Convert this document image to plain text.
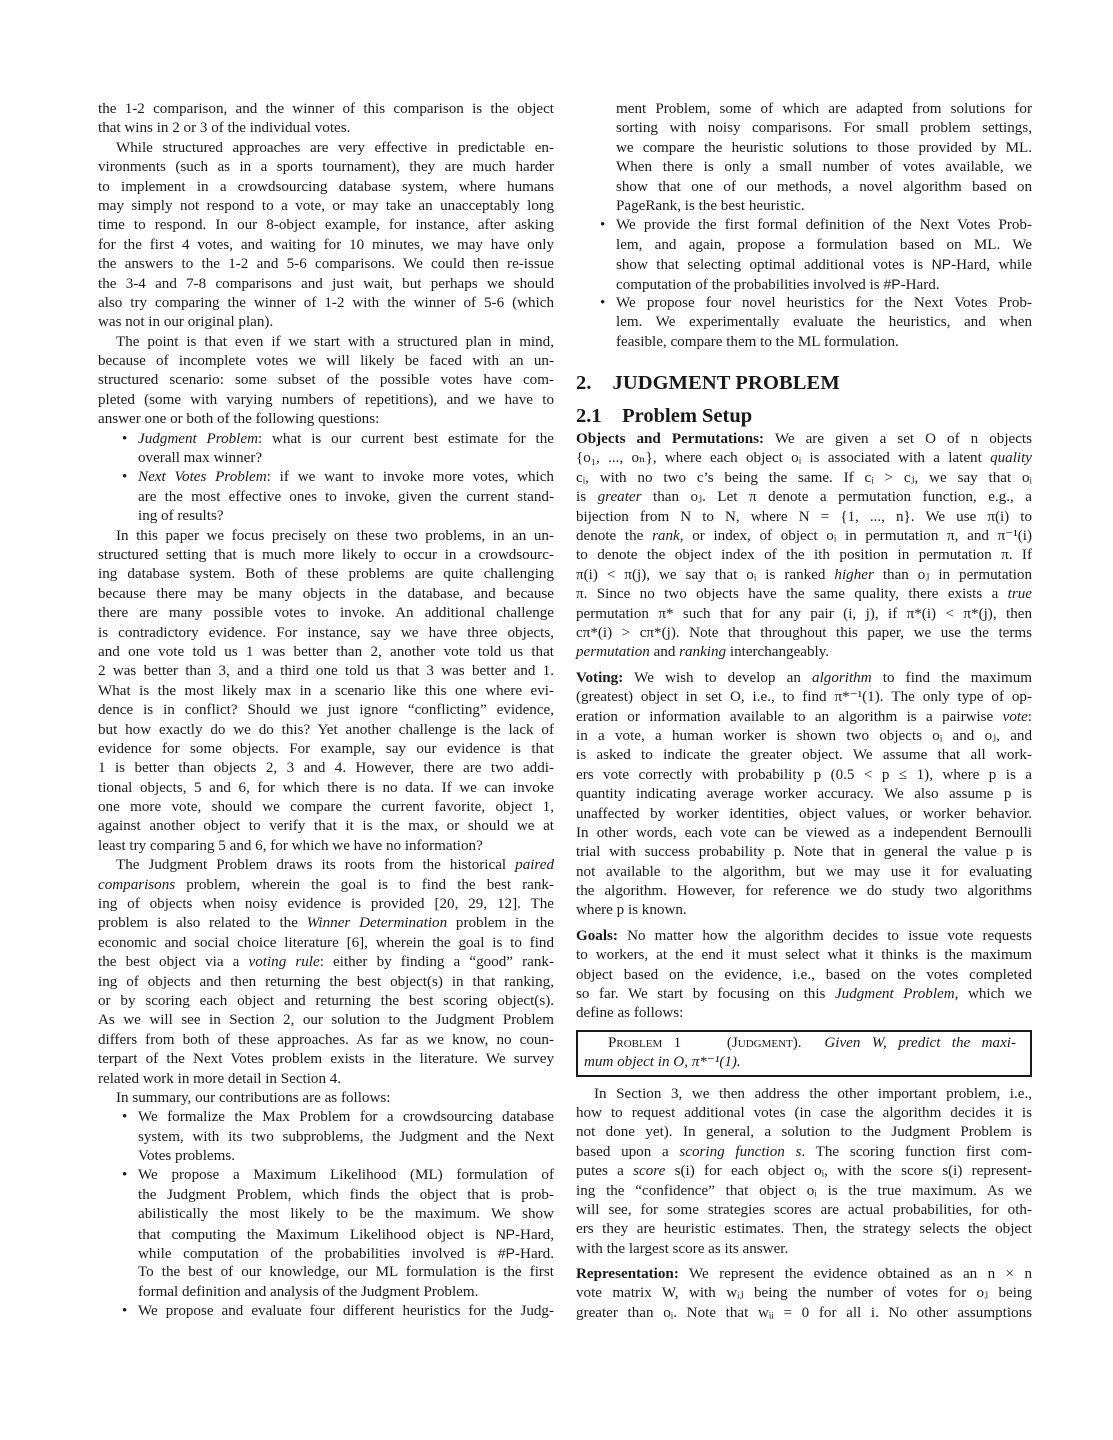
the 1-2 comparison, and the winner of this comparison is the object
that wins in 2 or 3 of the individual votes.
While structured approaches are very effective in predictable en-
vironments (such as in a sports tournament), they are much harder
to implement in a crowdsourcing database system, where humans
may simply not respond to a vote, or may take an unacceptably long
time to respond. In our 8-object example, for instance, after asking
for the first 4 votes, and waiting for 10 minutes, we may have only
the answers to the 1-2 and 5-6 comparisons. We could then re-issue
the 3-4 and 7-8 comparisons and just wait, but perhaps we should
also try comparing the winner of 1-2 with the winner of 5-6 (which
was not in our original plan).
The point is that even if we start with a structured plan in mind,
because of incomplete votes we will likely be faced with an un-
structured scenario: some subset of the possible votes have com-
pleted (some with varying numbers of repetitions), and we have to
answer one or both of the following questions:
• Judgment Problem: what is our current best estimate for the
overall max winner?
• Next Votes Problem: if we want to invoke more votes, which
are the most effective ones to invoke, given the current stand-
ing of results?
In this paper we focus precisely on these two problems, in an un-
structured setting that is much more likely to occur in a crowdsourc-
ing database system. Both of these problems are quite challenging
because there may be many objects in the database, and because
there are many possible votes to invoke. An additional challenge
is contradictory evidence. For instance, say we have three objects,
and one vote told us 1 was better than 2, another vote told us that
2 was better than 3, and a third one told us that 3 was better and 1.
What is the most likely max in a scenario like this one where evi-
dence is in conflict? Should we just ignore “conflicting” evidence,
but how exactly do we do this? Yet another challenge is the lack of
evidence for some objects. For example, say our evidence is that
1 is better than objects 2, 3 and 4. However, there are two addi-
tional objects, 5 and 6, for which there is no data. If we can invoke
one more vote, should we compare the current favorite, object 1,
against another object to verify that it is the max, or should we at
least try comparing 5 and 6, for which we have no information?
The Judgment Problem draws its roots from the historical paired
comparisons problem, wherein the goal is to find the best rank-
ing of objects when noisy evidence is provided [20, 29, 12]. The
problem is also related to the Winner Determination problem in the
economic and social choice literature [6], wherein the goal is to find
the best object via a voting rule: either by finding a “good” rank-
ing of objects and then returning the best object(s) in that ranking,
or by scoring each object and returning the best scoring object(s).
As we will see in Section 2, our solution to the Judgment Problem
differs from both of these approaches. As far as we know, no coun-
terpart of the Next Votes problem exists in the literature. We survey
related work in more detail in Section 4.
In summary, our contributions are as follows:
• We formalize the Max Problem for a crowdsourcing database
system, with its two subproblems, the Judgment and the Next
Votes problems.
• We propose a Maximum Likelihood (ML) formulation of
the Judgment Problem, which finds the object that is prob-
abilistically the most likely to be the maximum. We show
that computing the Maximum Likelihood object is NP-Hard,
while computation of the probabilities involved is #P-Hard.
To the best of our knowledge, our ML formulation is the first
formal definition and analysis of the Judgment Problem.
• We propose and evaluate four different heuristics for the Judg-
ment Problem, some of which are adapted from solutions for
sorting with noisy comparisons. For small problem settings,
we compare the heuristic solutions to those provided by ML.
When there is only a small number of votes available, we
show that one of our methods, a novel algorithm based on
PageRank, is the best heuristic.
• We provide the first formal definition of the Next Votes Prob-
lem, and again, propose a formulation based on ML. We
show that selecting optimal additional votes is NP-Hard, while
computation of the probabilities involved is #P-Hard.
• We propose four novel heuristics for the Next Votes Prob-
lem. We experimentally evaluate the heuristics, and when
feasible, compare them to the ML formulation.
2.    JUDGMENT PROBLEM
2.1    Problem Setup
Objects and Permutations: We are given a set O of n objects
{o₁, ..., oₙ}, where each object oᵢ is associated with a latent quality
cᵢ, with no two c’s being the same. If cᵢ > cⱼ, we say that oᵢ
is greater than oⱼ. Let π denote a permutation function, e.g., a
bijection from N to N, where N = {1, ..., n}. We use π(i) to
denote the rank, or index, of object oᵢ in permutation π, and π⁻¹(i)
to denote the object index of the ith position in permutation π. If
π(i) < π(j), we say that oᵢ is ranked higher than oⱼ in permutation
π. Since no two objects have the same quality, there exists a true
permutation π* such that for any pair (i, j), if π*(i) < π*(j), then
cπ*(i) > cπ*(j). Note that throughout this paper, we use the terms
permutation and ranking interchangeably.
Voting: We wish to develop an algorithm to find the maximum
(greatest) object in set O, i.e., to find π*⁻¹(1). The only type of op-
eration or information available to an algorithm is a pairwise vote:
in a vote, a human worker is shown two objects oᵢ and oⱼ, and
is asked to indicate the greater object. We assume that all work-
ers vote correctly with probability p (0.5 < p ≤ 1), where p is a
quantity indicating average worker accuracy. We also assume p is
unaffected by worker identities, object values, or worker behavior.
In other words, each vote can be viewed as a independent Bernoulli
trial with success probability p. Note that in general the value p is
not available to the algorithm, but we may use it for evaluating
the algorithm. However, for reference we do study two algorithms
where p is known.
Goals: No matter how the algorithm decides to issue vote requests
to workers, at the end it must select what it thinks is the maximum
object based on the evidence, i.e., based on the votes completed
so far. We start by focusing on this Judgment Problem, which we
define as follows:
Problem 1	(Judgment). Given W, predict the maxi-
mum object in O, π*⁻¹(1).
In Section 3, we then address the other important problem, i.e.,
how to request additional votes (in case the algorithm decides it is
not done yet). In general, a solution to the Judgment Problem is
based upon a scoring function s. The scoring function first com-
putes a score s(i) for each object oᵢ, with the score s(i) represent-
ing the “confidence” that object oᵢ is the true maximum. As we
will see, for some strategies scores are actual probabilities, for oth-
ers they are heuristic estimates. Then, the strategy selects the object
with the largest score as its answer.
Representation: We represent the evidence obtained as an n × n
vote matrix W, with wᵢⱼ being the number of votes for oⱼ being
greater than oᵢ. Note that wᵢᵢ = 0 for all i. No other assumptions
